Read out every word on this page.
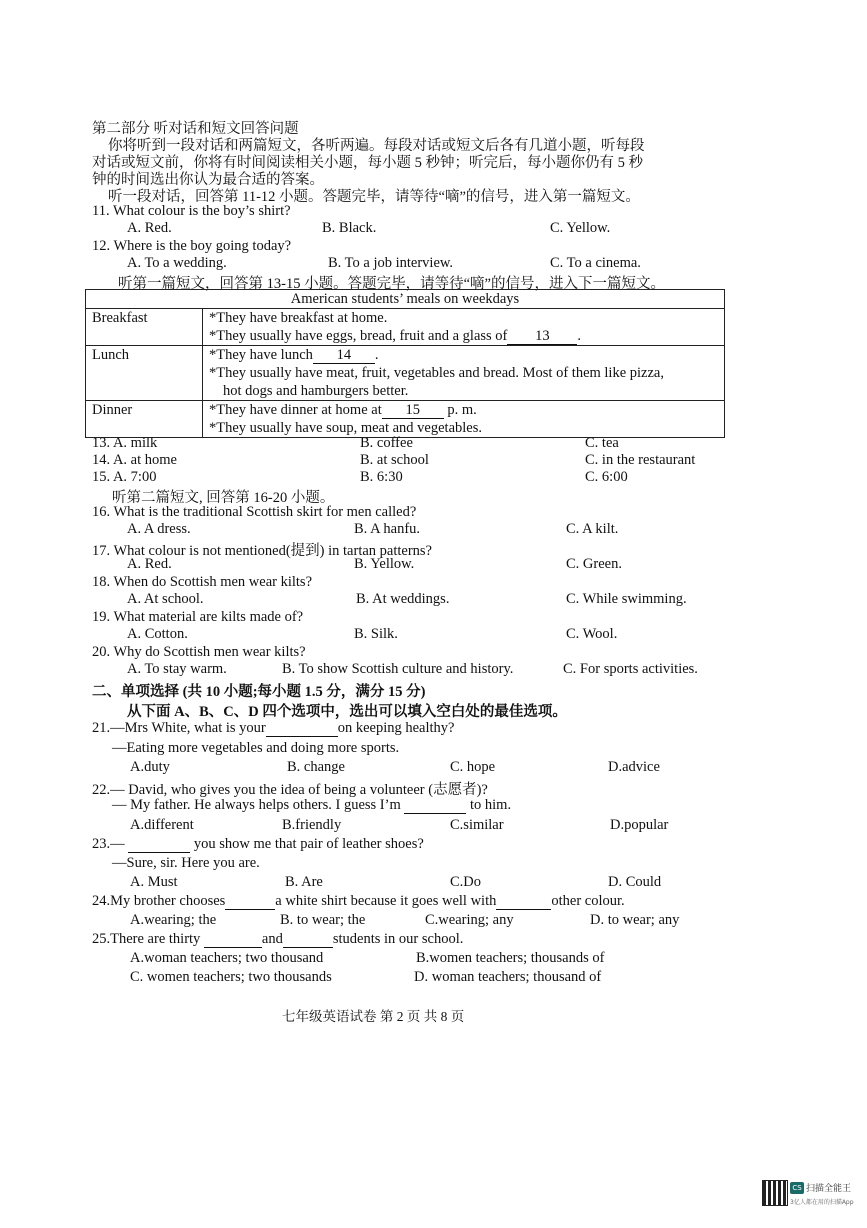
第二部分 听对话和短文回答问题
你将听到一段对话和两篇短文，各听两遍。每段对话或短文后各有几道小题，听每段
对话或短文前，你将有时间阅读相关小题，每小题 5 秒钟；听完后，每小题你仍有 5 秒
钟的时间选出你认为最合适的答案。
听一段对话，回答第 11-12 小题。答题完毕，请等待“嘀”的信号，进入第一篇短文。
11. What colour is the boy’s shirt?
A. Red.	B. Black.	C. Yellow.
12. Where is the boy going today?
A. To a wedding.	B. To a job interview.	C. To a cinema.
听第一篇短文，回答第 13-15 小题。答题完毕，请等待“嘀”的信号，进入下一篇短文。
American students’ meals on weekdays	
Breakfast	*They have breakfast at home.
*They usually have eggs, bread, fruit and a glass of 13 .

Lunch	*They have lunch 14 .
*They usually have meat, fruit, vegetables and bread. Most of them like pizza,
hot dogs and hamburgers better.

Dinner	*They have dinner at home at 15 p. m.
*They usually have soup, meat and vegetables.
13. A. milk	B. coffee	C. tea
14. A. at home	B. at school	C. in the restaurant
15. A. 7:00	B. 6:30	C. 6:00
听第二篇短文, 回答第 16-20 小题。
16. What is the traditional Scottish skirt for men called?
A. A dress.	B. A hanfu.	C. A kilt.
17. What colour is not mentioned(提到) in tartan patterns?
A. Red.	B. Yellow.	C. Green.
18. When do Scottish men wear kilts?
A. At school.	B. At weddings.	C. While swimming.
19. What material are kilts made of?
A. Cotton.	B. Silk.	C. Wool.
20. Why do Scottish men wear kilts?
A. To stay warm.	B. To show Scottish culture and history.	C. For sports activities.
二、单项选择 (共 10 小题;每小题 1.5 分，满分 15 分)
从下面 A、B、C、D 四个选项中，选出可以填入空白处的最佳选项。
21.—Mrs White, what is your	on keeping healthy?
—Eating more vegetables and doing more sports.
A.duty	B. change	C. hope	D.advice
22.— David, who gives you the idea of being a volunteer (志愿者)?
— My father. He always helps others. I guess I’m	to him.
A.different	B.friendly	C.similar	D.popular
23.—	you show me that pair of leather shoes?
—Sure, sir. Here you are.
A. Must	B. Are	C.Do	D. Could
24.My brother chooses	a white shirt because it goes well with	other colour.
A.wearing; the	B. to wear; the	C.wearing; any	D. to wear; any
25.There are thirty	and	students in our school.
A.woman teachers; two thousand	B.women teachers; thousands of
C. women teachers; two thousands	D. woman teachers; thousand of
七年级英语试卷 第 2 页 共 8 页
CS 扫描全能王
3亿人都在用的扫描App
